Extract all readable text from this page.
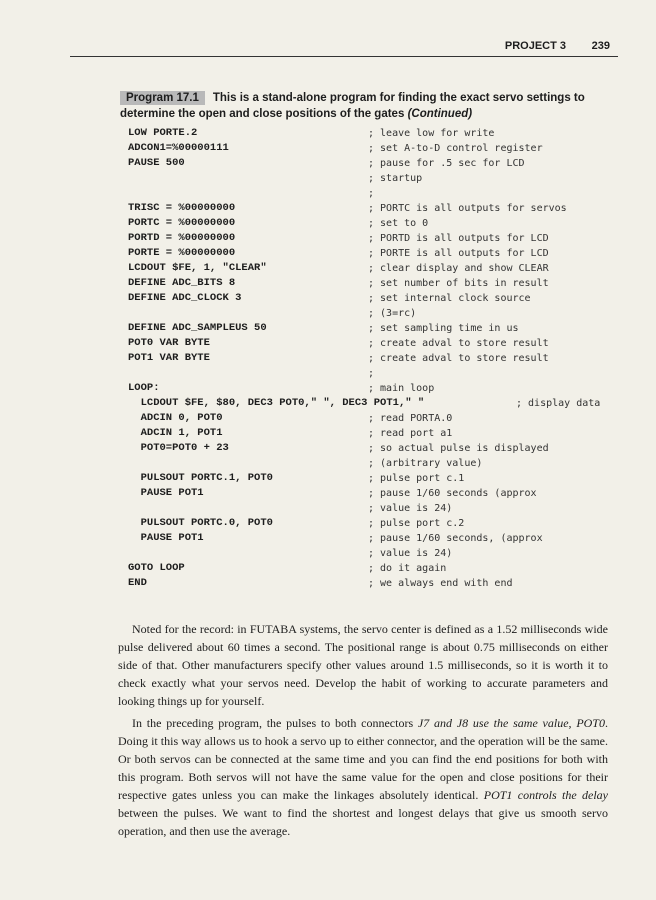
PROJECT 3 239
Program 17.1 This is a stand-alone program for finding the exact servo settings to determine the open and close positions of the gates (Continued)
LOW PORTE.2	; leave low for write
ADCON1=%00000111	; set A-to-D control register
PAUSE 500	; pause for .5 sec for LCD
; startup
;
TRISC = %00000000	; PORTC is all outputs for servos
PORTC = %00000000	; set to 0
PORTD = %00000000	; PORTD is all outputs for LCD
PORTE = %00000000	; PORTE is all outputs for LCD
LCDOUT $FE, 1, "CLEAR"	; clear display and show CLEAR
DEFINE ADC_BITS 8	; set number of bits in result
DEFINE ADC_CLOCK 3	; set internal clock source
; (3=rc)
DEFINE ADC_SAMPLEUS 50	; set sampling time in us
POT0 VAR BYTE	; create adval to store result
POT1 VAR BYTE	; create adval to store result
;
LOOP:	; main loop
LCDOUT $FE, $80, DEC3 POT0," ", DEC3 POT1," "	; display data
ADCIN 0, POT0	; read PORTA.0
ADCIN 1, POT1	; read port a1
POT0=POT0 + 23	; so actual pulse is displayed
; (arbitrary value)
PULSOUT PORTC.1, POT0	; pulse port c.1
PAUSE POT1	; pause 1/60 seconds (approx
; value is 24)
PULSOUT PORTC.0, POT0	; pulse port c.2
PAUSE POT1	; pause 1/60 seconds, (approx
; value is 24)
GOTO LOOP	; do it again
END	; we always end with end

Noted for the record: in FUTABA systems, the servo center is defined as a 1.52 milliseconds wide pulse delivered about 60 times a second. The positional range is about 0.75 milliseconds on either side of that. Other manufacturers specify other values around 1.5 milliseconds, so it is worth it to check exactly what your servos need. Develop the habit of working to accurate parameters and looking things up for yourself.

In the preceding program, the pulses to both connectors J7 and J8 use the same value, POT0. Doing it this way allows us to hook a servo up to either connector, and the operation will be the same. Or both servos can be connected at the same time and you can find the end positions for both with this program. Both servos will not have the same value for the open and close positions for their respective gates unless you can make the linkages absolutely identical. POT1 controls the delay between the pulses. We want to find the shortest and longest delays that give us smooth servo operation, and then use the average.
